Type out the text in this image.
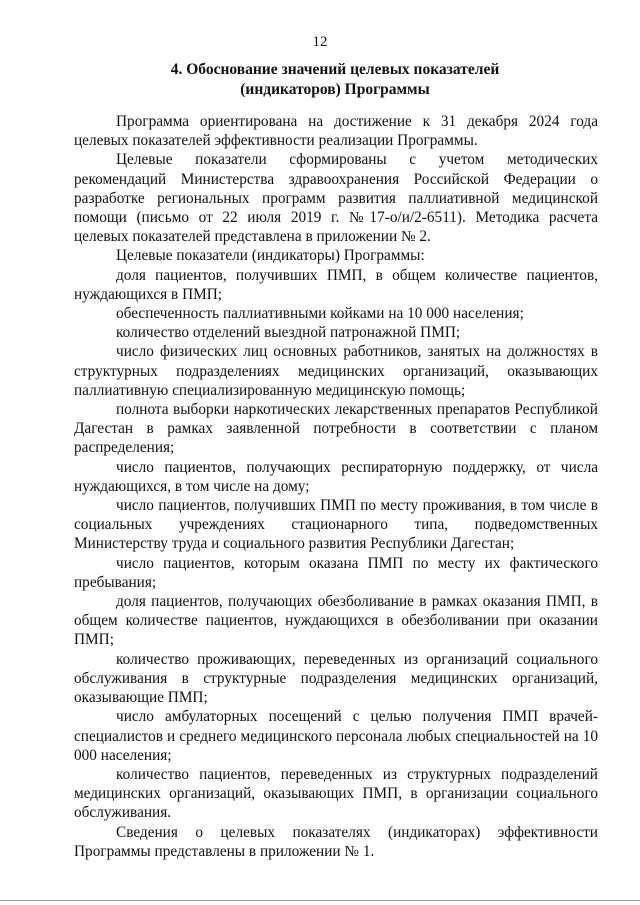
12
4. Обоснование значений целевых показателей
(индикаторов) Программы

Программа ориентирована на достижение к 31 декабря 2024 года целевых показателей эффективности реализации Программы.

Целевые показатели сформированы с учетом методических рекомендаций Министерства здравоохранения Российской Федерации о разработке региональных программ развития паллиативной медицинской помощи (письмо от 22 июля 2019 г. №17-о/и/2-6511). Методика расчета целевых показателей представлена в приложении № 2.

Целевые показатели (индикаторы) Программы:

доля пациентов, получивших ПМП, в общем количестве пациентов, нуждающихся в ПМП;

обеспеченность паллиативными койками на 10 000 населения;

количество отделений выездной патронажной ПМП;

число физических лиц основных работников, занятых на должностях в структурных подразделениях медицинских организаций, оказывающих паллиативную специализированную медицинскую помощь;

полнота выборки наркотических лекарственных препаратов Республикой Дагестан в рамках заявленной потребности в соответствии с планом распределения;

число пациентов, получающих респираторную поддержку, от числа нуждающихся, в том числе на дому;

число пациентов, получивших ПМП по месту проживания, в том числе в социальных учреждениях стационарного типа, подведомственных Министерству труда и социального развития Республики Дагестан;

число пациентов, которым оказана ПМП по месту их фактического пребывания;

доля пациентов, получающих обезболивание в рамках оказания ПМП, в общем количестве пациентов, нуждающихся в обезболивании при оказании ПМП;

количество проживающих, переведенных из организаций социального обслуживания в структурные подразделения медицинских организаций, оказывающие ПМП;

число амбулаторных посещений с целью получения ПМП врачей-специалистов и среднего медицинского персонала любых специальностей на 10 000 населения;

количество пациентов, переведенных из структурных подразделений медицинских организаций, оказывающих ПМП, в организации социального обслуживания.

Сведения о целевых показателях (индикаторах) эффективности Программы представлены в приложении № 1.
